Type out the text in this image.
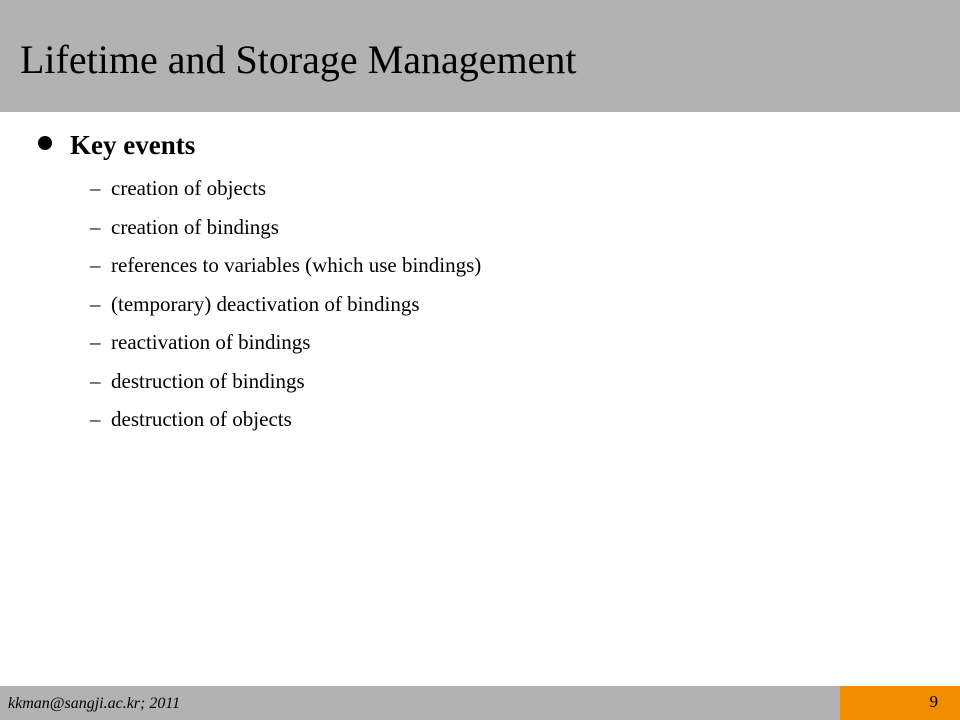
Lifetime and Storage Management
Key events
– creation of objects
– creation of bindings
– references to variables (which use bindings)
– (temporary) deactivation of bindings
– reactivation of bindings
– destruction of bindings
– destruction of objects
kkman@sangji.ac.kr; 2011	9
